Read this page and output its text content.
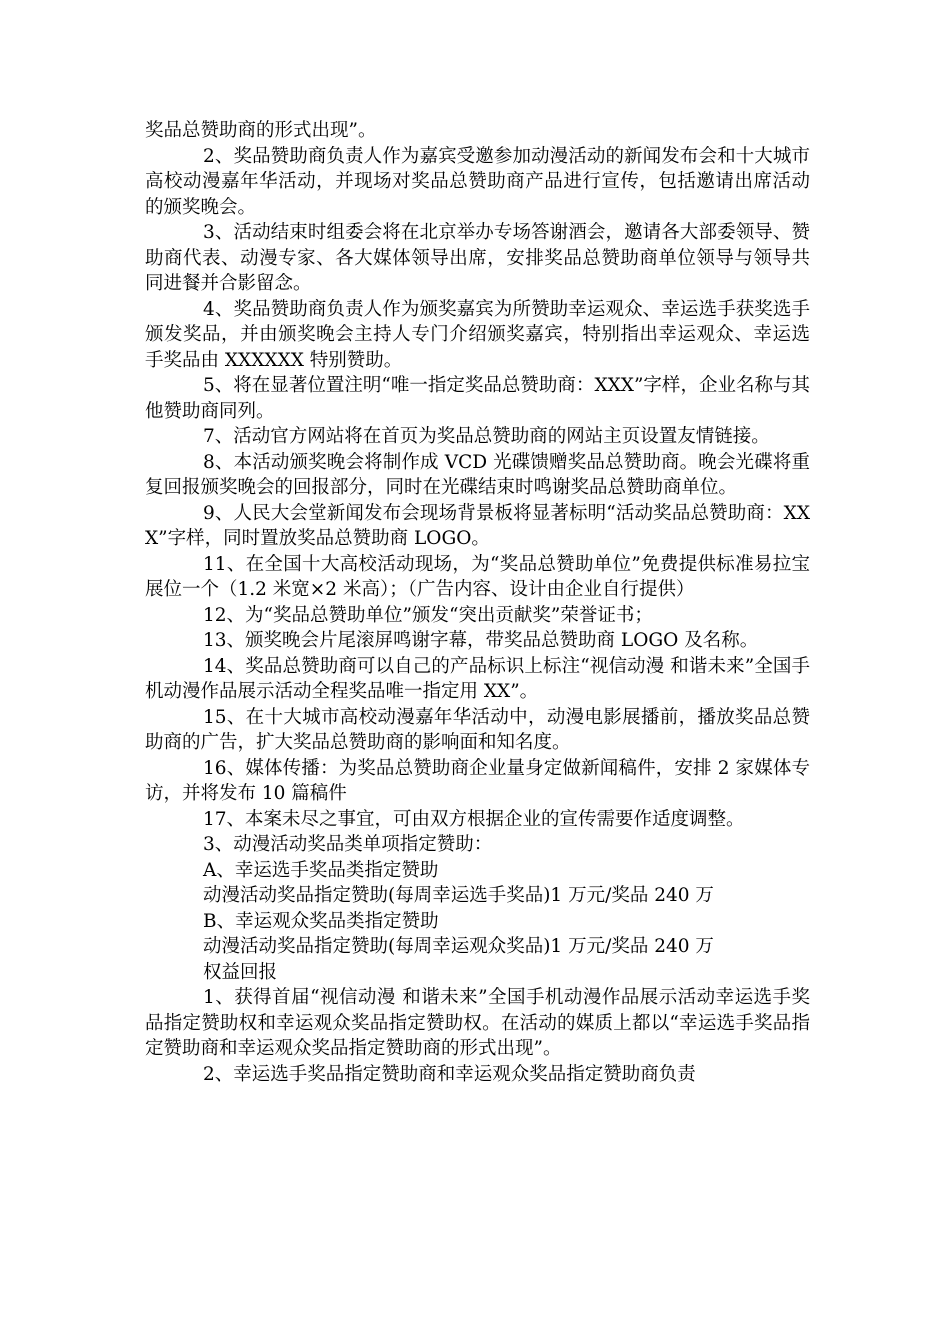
奖品总赞助商的形式出现”。

2、奖品赞助商负责人作为嘉宾受邀参加动漫活动的新闻发布会和十大城市高校动漫嘉年华活动，并现场对奖品总赞助商产品进行宣传，包括邀请出席活动的颁奖晚会。

3、活动结束时组委会将在北京举办专场答谢酒会，邀请各大部委领导、赞助商代表、动漫专家、各大媒体领导出席，安排奖品总赞助商单位领导与领导共同进餐并合影留念。

4、奖品赞助商负责人作为颁奖嘉宾为所赞助幸运观众、幸运选手获奖选手颁发奖品，并由颁奖晚会主持人专门介绍颁奖嘉宾，特别指出幸运观众、幸运选手奖品由 XXXXXX 特别赞助。

5、将在显著位置注明“唯一指定奖品总赞助商：XXX”字样，企业名称与其他赞助商同列。

7、活动官方网站将在首页为奖品总赞助商的网站主页设置友情链接。

8、本活动颁奖晚会将制作成 VCD 光碟馈赠奖品总赞助商。晚会光碟将重复回报颁奖晚会的回报部分，同时在光碟结束时鸣谢奖品总赞助商单位。

9、人民大会堂新闻发布会现场背景板将显著标明“活动奖品总赞助商：XXX”字样，同时置放奖品总赞助商 LOGO。

11、在全国十大高校活动现场，为“奖品总赞助单位”免费提供标准易拉宝展位一个（1.2 米宽×2 米高）；（广告内容、设计由企业自行提供）

12、为“奖品总赞助单位”颁发“突出贡献奖”荣誉证书；

13、颁奖晚会片尾滚屏鸣谢字幕，带奖品总赞助商 LOGO 及名称。

14、奖品总赞助商可以自己的产品标识上标注“视信动漫 和谐未来”全国手机动漫作品展示活动全程奖品唯一指定用 XX”。

15、在十大城市高校动漫嘉年华活动中，动漫电影展播前，播放奖品总赞助商的广告，扩大奖品总赞助商的影响面和知名度。

16、媒体传播：为奖品总赞助商企业量身定做新闻稿件，安排 2 家媒体专访，并将发布 10 篇稿件

17、本案未尽之事宜，可由双方根据企业的宣传需要作适度调整。

3、动漫活动奖品类单项指定赞助：

A、幸运选手奖品类指定赞助

动漫活动奖品指定赞助(每周幸运选手奖品)1 万元/奖品 240 万

B、幸运观众奖品类指定赞助

动漫活动奖品指定赞助(每周幸运观众奖品)1 万元/奖品 240 万

权益回报

1、获得首届“视信动漫 和谐未来”全国手机动漫作品展示活动幸运选手奖品指定赞助权和幸运观众奖品指定赞助权。在活动的媒质上都以“幸运选手奖品指定赞助商和幸运观众奖品指定赞助商的形式出现”。

2、幸运选手奖品指定赞助商和幸运观众奖品指定赞助商负责
